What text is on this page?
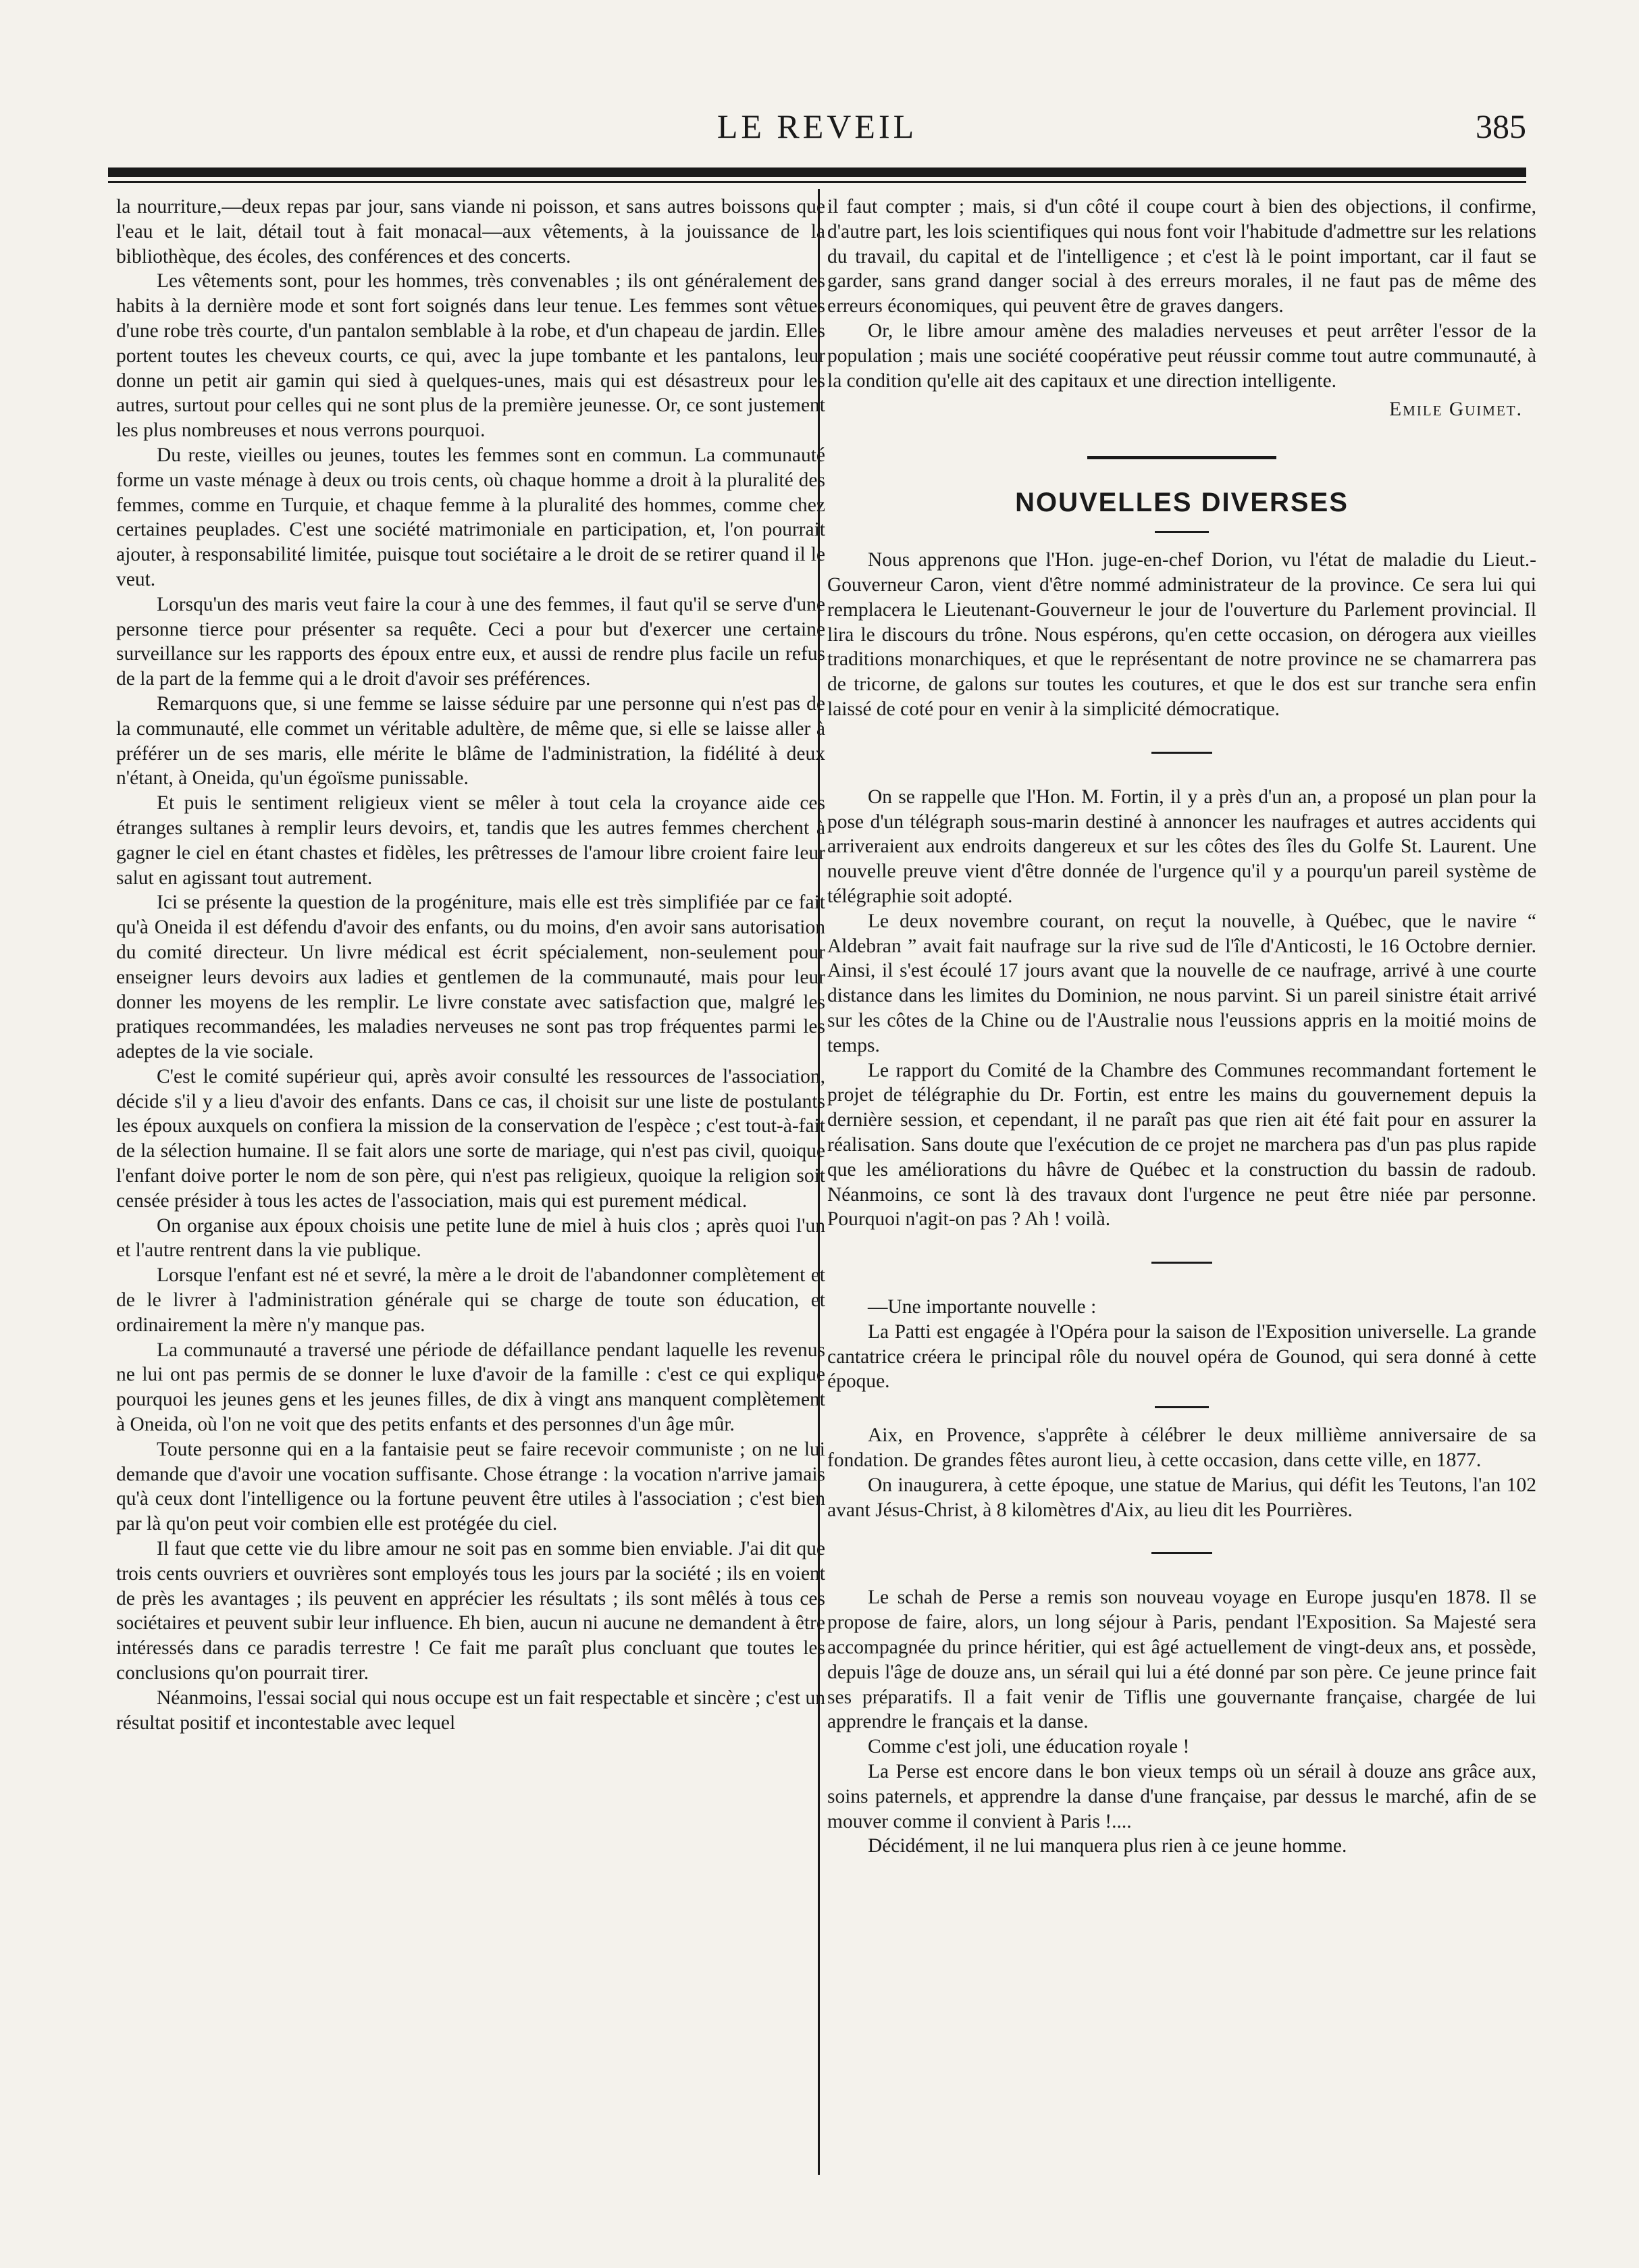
LE REVEIL	385

la nourriture,—deux repas par jour, sans viande ni poisson, et sans autres boissons que l'eau et le lait, détail tout à fait monacal—aux vêtements, à la jouissance de la bibliothèque, des écoles, des conférences et des concerts.

Les vêtements sont, pour les hommes, très convenables ; ils ont généralement des habits à la dernière mode et sont fort soignés dans leur tenue. Les femmes sont vêtues d'une robe très courte, d'un pantalon semblable à la robe, et d'un chapeau de jardin. Elles portent toutes les cheveux courts, ce qui, avec la jupe tombante et les pantalons, leur donne un petit air gamin qui sied à quelques-unes, mais qui est désastreux pour les autres, surtout pour celles qui ne sont plus de la première jeunesse. Or, ce sont justement les plus nombreuses et nous verrons pourquoi.

Du reste, vieilles ou jeunes, toutes les femmes sont en commun. La communauté forme un vaste ménage à deux ou trois cents, où chaque homme a droit à la pluralité des femmes, comme en Turquie, et chaque femme à la pluralité des hommes, comme chez certaines peuplades. C'est une société matrimoniale en participation, et, l'on pourrait ajouter, à responsabilité limitée, puisque tout sociétaire a le droit de se retirer quand il le veut.

Lorsqu'un des maris veut faire la cour à une des femmes, il faut qu'il se serve d'une personne tierce pour présenter sa requête. Ceci a pour but d'exercer une certaine surveillance sur les rapports des époux entre eux, et aussi de rendre plus facile un refus de la part de la femme qui a le droit d'avoir ses préférences.

Remarquons que, si une femme se laisse séduire par une personne qui n'est pas de la communauté, elle commet un véritable adultère, de même que, si elle se laisse aller à préférer un de ses maris, elle mérite le blâme de l'administration, la fidélité à deux n'étant, à Oneida, qu'un égoïsme punissable.

Et puis le sentiment religieux vient se mêler à tout cela la croyance aide ces étranges sultanes à remplir leurs devoirs, et, tandis que les autres femmes cherchent à gagner le ciel en étant chastes et fidèles, les prêtresses de l'amour libre croient faire leur salut en agissant tout autrement.

Ici se présente la question de la progéniture, mais elle est très simplifiée par ce fait qu'à Oneida il est défendu d'avoir des enfants, ou du moins, d'en avoir sans autorisation du comité directeur. Un livre médical est écrit spécialement, non-seulement pour enseigner leurs devoirs aux ladies et gentlemen de la communauté, mais pour leur donner les moyens de les remplir. Le livre constate avec satisfaction que, malgré les pratiques recommandées, les maladies nerveuses ne sont pas trop fréquentes parmi les adeptes de la vie sociale.

C'est le comité supérieur qui, après avoir consulté les ressources de l'association, décide s'il y a lieu d'avoir des enfants. Dans ce cas, il choisit sur une liste de postulants les époux auxquels on confiera la mission de la conservation de l'espèce ; c'est tout-à-fait de la sélection humaine. Il se fait alors une sorte de mariage, qui n'est pas civil, quoique l'enfant doive porter le nom de son père, qui n'est pas religieux, quoique la religion soit censée présider à tous les actes de l'association, mais qui est purement médical.

On organise aux époux choisis une petite lune de miel à huis clos ; après quoi l'un et l'autre rentrent dans la vie publique.

Lorsque l'enfant est né et sevré, la mère a le droit de l'abandonner complètement et de le livrer à l'administration générale qui se charge de toute son éducation, et ordinairement la mère n'y manque pas.

La communauté a traversé une période de défaillance pendant laquelle les revenus ne lui ont pas permis de se donner le luxe d'avoir de la famille : c'est ce qui explique pourquoi les jeunes gens et les jeunes filles, de dix à vingt ans manquent complètement à Oneida, où l'on ne voit que des petits enfants et des personnes d'un âge mûr.

Toute personne qui en a la fantaisie peut se faire recevoir communiste ; on ne lui demande que d'avoir une vocation suffisante. Chose étrange : la vocation n'arrive jamais qu'à ceux dont l'intelligence ou la fortune peuvent être utiles à l'association ; c'est bien par là qu'on peut voir combien elle est protégée du ciel.

Il faut que cette vie du libre amour ne soit pas en somme bien enviable. J'ai dit que trois cents ouvriers et ouvrières sont employés tous les jours par la société ; ils en voient de près les avantages ; ils peuvent en apprécier les résultats ; ils sont mêlés à tous ces sociétaires et peuvent subir leur influence. Eh bien, aucun ni aucune ne demandent à être intéressés dans ce paradis terrestre ! Ce fait me paraît plus concluant que toutes les conclusions qu'on pourrait tirer.

Néanmoins, l'essai social qui nous occupe est un fait respectable et sincère ; c'est un résultat positif et incontestable avec lequel

il faut compter ; mais, si d'un côté il coupe court à bien des objections, il confirme, d'autre part, les lois scientifiques qui nous font voir l'habitude d'admettre sur les relations du travail, du capital et de l'intelligence ; et c'est là le point important, car il faut se garder, sans grand danger social à des erreurs morales, il ne faut pas de même des erreurs économiques, qui peuvent être de graves dangers.

Or, le libre amour amène des maladies nerveuses et peut arrêter l'essor de la population ; mais une société coopérative peut réussir comme tout autre communauté, à la condition qu'elle ait des capitaux et une direction intelligente.

Emile Guimet.

NOUVELLES DIVERSES

Nous apprenons que l'Hon. juge-en-chef Dorion, vu l'état de maladie du Lieut.-Gouverneur Caron, vient d'être nommé administrateur de la province. Ce sera lui qui remplacera le Lieutenant-Gouverneur le jour de l'ouverture du Parlement provincial. Il lira le discours du trône. Nous espérons, qu'en cette occasion, on dérogera aux vieilles traditions monarchiques, et que le représentant de notre province ne se chamarrera pas de tricorne, de galons sur toutes les coutures, et que le dos est sur tranche sera enfin laissé de coté pour en venir à la simplicité démocratique.

On se rappelle que l'Hon. M. Fortin, il y a près d'un an, a proposé un plan pour la pose d'un télégraph sous-marin destiné à annoncer les naufrages et autres accidents qui arriveraient aux endroits dangereux et sur les côtes des îles du Golfe St. Laurent. Une nouvelle preuve vient d'être donnée de l'urgence qu'il y a pourqu'un pareil système de télégraphie soit adopté.

Le deux novembre courant, on reçut la nouvelle, à Québec, que le navire “ Aldebran ” avait fait naufrage sur la rive sud de l'île d'Anticosti, le 16 Octobre dernier. Ainsi, il s'est écoulé 17 jours avant que la nouvelle de ce naufrage, arrivé à une courte distance dans les limites du Dominion, ne nous parvint. Si un pareil sinistre était arrivé sur les côtes de la Chine ou de l'Australie nous l'eussions appris en la moitié moins de temps.

Le rapport du Comité de la Chambre des Communes recommandant fortement le projet de télégraphie du Dr. Fortin, est entre les mains du gouvernement depuis la dernière session, et cependant, il ne paraît pas que rien ait été fait pour en assurer la réalisation. Sans doute que l'exécution de ce projet ne marchera pas d'un pas plus rapide que les améliorations du hâvre de Québec et la construction du bassin de radoub. Néanmoins, ce sont là des travaux dont l'urgence ne peut être niée par personne. Pourquoi n'agit-on pas ? Ah ! voilà.

—Une importante nouvelle :

La Patti est engagée à l'Opéra pour la saison de l'Exposition universelle. La grande cantatrice créera le principal rôle du nouvel opéra de Gounod, qui sera donné à cette époque.

Aix, en Provence, s'apprête à célébrer le deux millième anniversaire de sa fondation. De grandes fêtes auront lieu, à cette occasion, dans cette ville, en 1877.

On inaugurera, à cette époque, une statue de Marius, qui défit les Teutons, l'an 102 avant Jésus-Christ, à 8 kilomètres d'Aix, au lieu dit les Pourrières.

Le schah de Perse a remis son nouveau voyage en Europe jusqu'en 1878. Il se propose de faire, alors, un long séjour à Paris, pendant l'Exposition. Sa Majesté sera accompagnée du prince héritier, qui est âgé actuellement de vingt-deux ans, et possède, depuis l'âge de douze ans, un sérail qui lui a été donné par son père. Ce jeune prince fait ses préparatifs. Il a fait venir de Tiflis une gouvernante française, chargée de lui apprendre le français et la danse.

Comme c'est joli, une éducation royale !

La Perse est encore dans le bon vieux temps où un sérail à douze ans grâce aux, soins paternels, et apprendre la danse d'une française, par dessus le marché, afin de se mouver comme il convient à Paris !....

Décidément, il ne lui manquera plus rien à ce jeune homme.
